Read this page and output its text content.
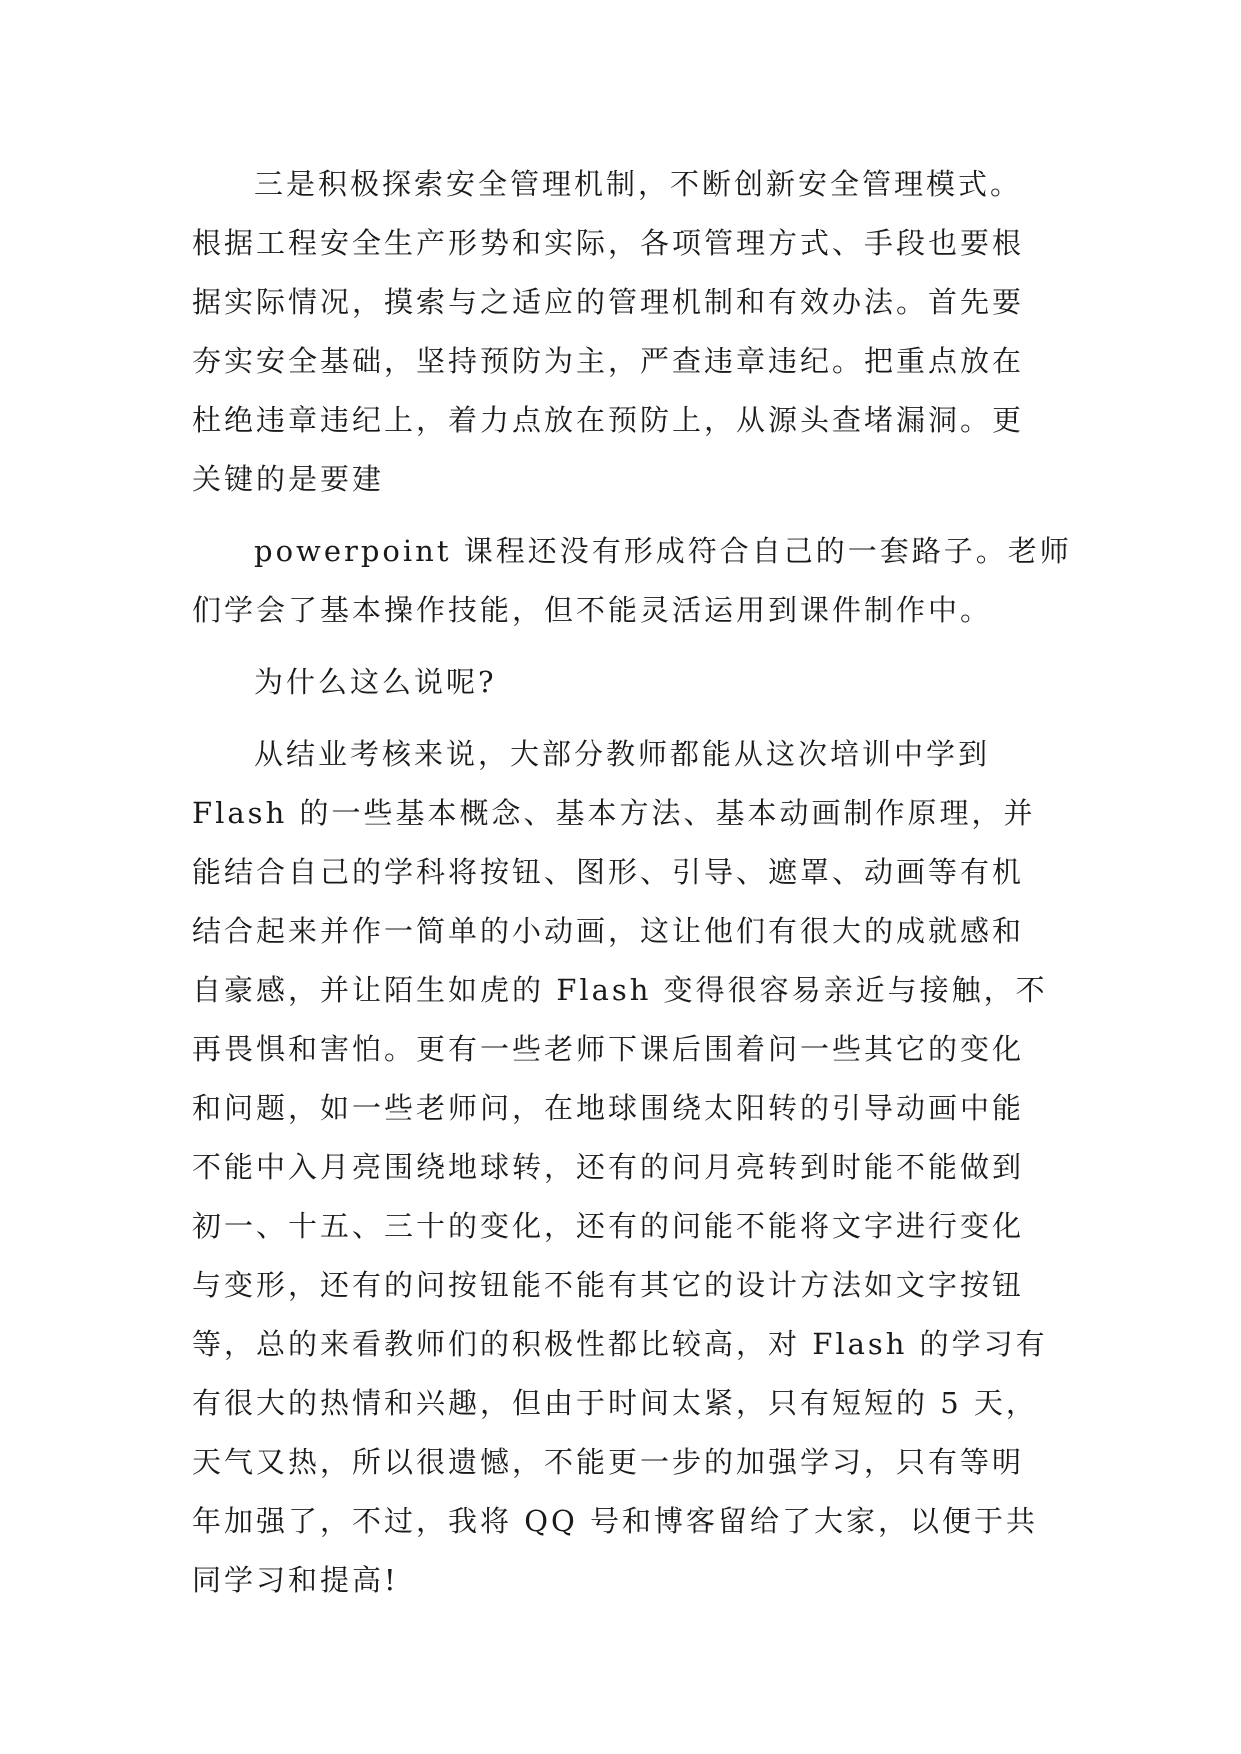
三是积极探索安全管理机制，不断创新安全管理模式。
根据工程安全生产形势和实际，各项管理方式、手段也要根
据实际情况，摸索与之适应的管理机制和有效办法。首先要
夯实安全基础，坚持预防为主，严查违章违纪。把重点放在
杜绝违章违纪上，着力点放在预防上，从源头查堵漏洞。更
关键的是要建
powerpoint 课程还没有形成符合自己的一套路子。老师
们学会了基本操作技能，但不能灵活运用到课件制作中。
为什么这么说呢?
从结业考核来说，大部分教师都能从这次培训中学到
Flash 的一些基本概念、基本方法、基本动画制作原理，并
能结合自己的学科将按钮、图形、引导、遮罩、动画等有机
结合起来并作一简单的小动画，这让他们有很大的成就感和
自豪感，并让陌生如虎的 Flash 变得很容易亲近与接触，不
再畏惧和害怕。更有一些老师下课后围着问一些其它的变化
和问题，如一些老师问，在地球围绕太阳转的引导动画中能
不能中入月亮围绕地球转，还有的问月亮转到时能不能做到
初一、十五、三十的变化，还有的问能不能将文字进行变化
与变形，还有的问按钮能不能有其它的设计方法如文字按钮
等，总的来看教师们的积极性都比较高，对 Flash 的学习有
有很大的热情和兴趣，但由于时间太紧，只有短短的 5 天，
天气又热，所以很遗憾，不能更一步的加强学习，只有等明
年加强了，不过，我将 QQ 号和博客留给了大家，以便于共
同学习和提高!
